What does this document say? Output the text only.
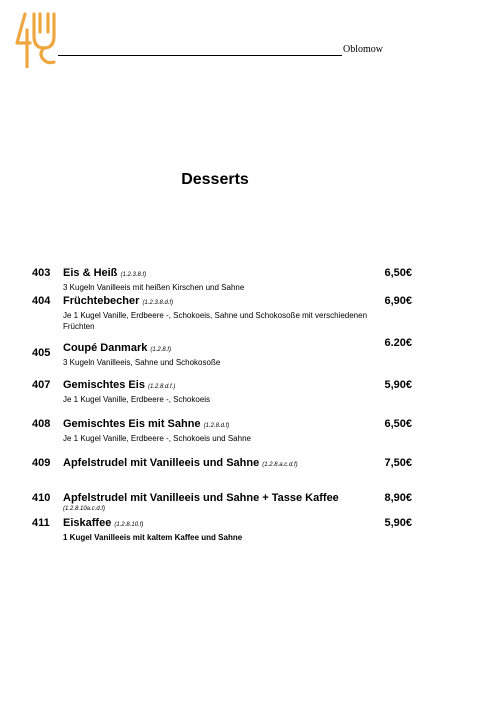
Oblomow
Desserts
403 Eis & Heiß (1.2.3.8.f)
3 Kugeln Vanilleeis mit heißen Kirschen und Sahne
6,50€
404 Früchtebecher (1.2.3.8.d.f)
Je 1 Kugel Vanille, Erdbeere -, Schokoeis, Sahne und Schokosoße mit verschiedenen Früchten
6,90€
405 Coupé Danmark (1.2.8.f)
3 Kugeln Vanilleeis, Sahne und Schokosoße
6.20€
407 Gemischtes Eis (1.2.8.d.f.)
Je 1 Kugel Vanille, Erdbeere -, Schokoeis
5,90€
408 Gemischtes Eis mit Sahne (1.2.8.d.f)
Je 1 Kugel Vanille, Erdbeere -, Schokoeis und Sahne
6,50€
409 Apfelstrudel mit Vanilleeis und Sahne (1.2.8.a.c.d.f)	7,50€
410 Apfelstrudel mit Vanilleeis und Sahne + Tasse Kaffee
(1.2.8.10a.c.d.f)
8,90€
411 Eiskaffee (1.2.8.10.f)
1 Kugel Vanilleeis mit kaltem Kaffee und Sahne
5,90€
